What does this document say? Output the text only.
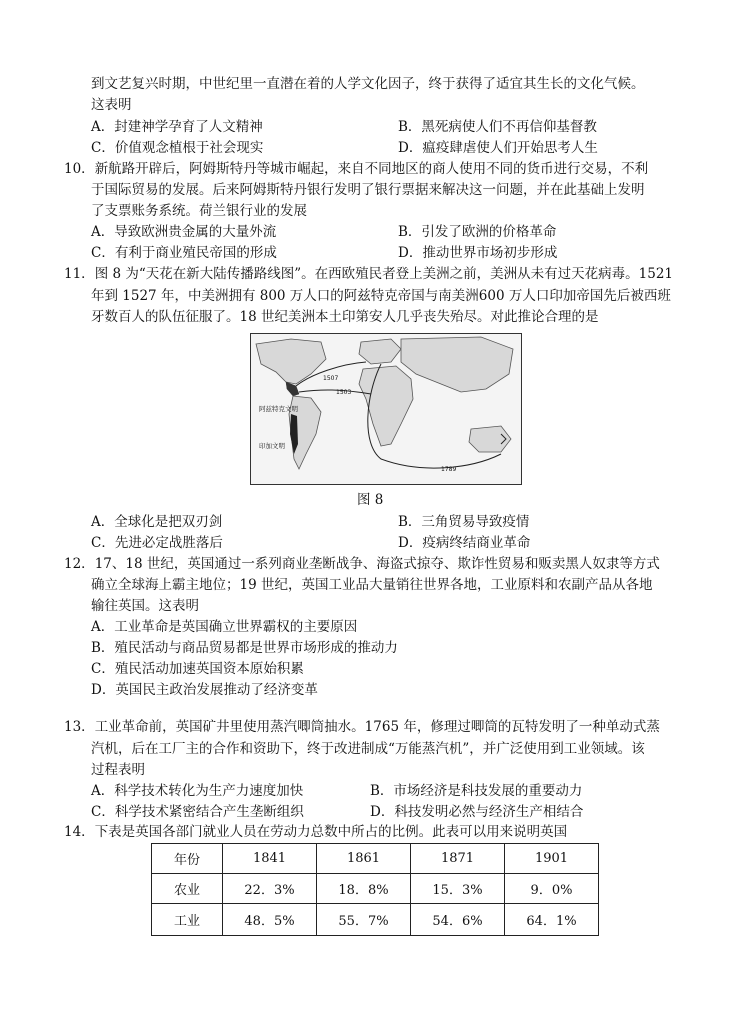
到文艺复兴时期，中世纪里一直潜在着的人学文化因子，终于获得了适宜其生长的文化气候。
这表明
A．封建神学孕育了人文精神	B．黑死病使人们不再信仰基督教
C．价值观念植根于社会现实	D．瘟疫肆虐使人们开始思考人生
10．新航路开辟后，阿姆斯特丹等城市崛起，来自不同地区的商人使用不同的货币进行交易，不利
于国际贸易的发展。后来阿姆斯特丹银行发明了银行票据来解决这一问题，并在此基础上发明
了支票账务系统。荷兰银行业的发展
A．导致欧洲贵金属的大量外流	B．引发了欧洲的价格革命
C．有利于商业殖民帝国的形成	D．推动世界市场初步形成
11．图 8 为“天花在新大陆传播路线图”。在西欧殖民者登上美洲之前，美洲从未有过天花病毒。1521
年到 1527 年，中美洲拥有 800 万人口的阿兹特克帝国与南美洲600 万人口印加帝国先后被西班
牙数百人的队伍征服了。18 世纪美洲本土印第安人几乎丧失殆尽。对此推论合理的是
阿兹特克文明
印加文明
1507
1503
1789
图 8
A．全球化是把双刃剑	B．三角贸易导致疫情
C．先进必定战胜落后	D．疫病终结商业革命
12．17、18 世纪，英国通过一系列商业垄断战争、海盗式掠夺、欺诈性贸易和贩卖黑人奴隶等方式
确立全球海上霸主地位；19 世纪，英国工业品大量销往世界各地，工业原料和农副产品从各地
输往英国。这表明
A．工业革命是英国确立世界霸权的主要原因
B．殖民活动与商品贸易都是世界市场形成的推动力
C．殖民活动加速英国资本原始积累
D．英国民主政治发展推动了经济变革
13．工业革命前，英国矿井里使用蒸汽唧筒抽水。1765 年，修理过唧筒的瓦特发明了一种单动式蒸
汽机，后在工厂主的合作和资助下，终于改进制成“万能蒸汽机”，并广泛使用到工业领域。该
过程表明
A．科学技术转化为生产力速度加快	B．市场经济是科技发展的重要动力
C．科学技术紧密结合产生垄断组织	D．科技发明必然与经济生产相结合
14．下表是英国各部门就业人员在劳动力总数中所占的比例。此表可以用来说明英国
年份	1841	1861	1871	1901
农业	22．3%	18．8%	15．3%	9．0%
工业	48．5%	55．7%	54．6%	64．1%
